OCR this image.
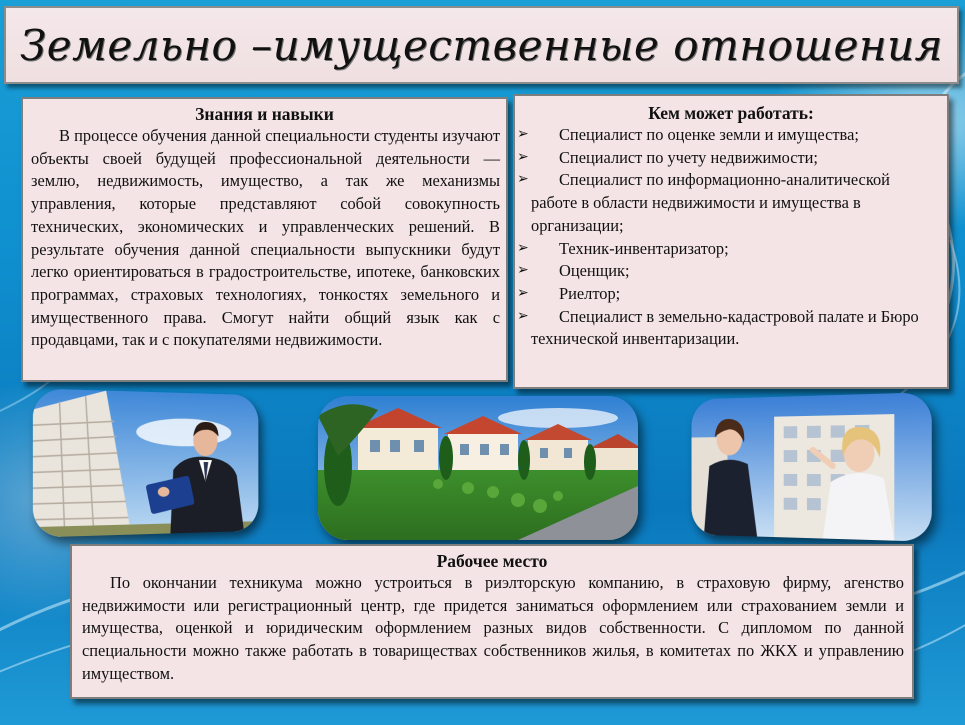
Земельно –имущественные отношения
Знания и навыки
В процессе обучения данной специальности студенты изучают объекты своей будущей профессиональной деятельности — землю, недвижимость, имущество, а так же механизмы управления, которые представляют собой совокупность технических, экономических и управленческих решений. В результате обучения данной специальности выпускники будут легко ориентироваться в градостроительстве, ипотеке, банковских программах, страховых технологиях, тонкостях земельного и имущественного права. Смогут найти общий язык как с продавцами, так и с покупателями недвижимости.
Кем может работать:
➢ Специалист по оценке земли и имущества;
➢ Специалист по учету недвижимости;
➢ Специалист по информационно-аналитической работе в области недвижимости и имущества в организации;
➢ Техник-инвентаризатор;
➢ Оценщик;
➢ Риелтор;
➢ Специалист в земельно-кадастровой палате и Бюро технической инвентаризации.
Рабочее место
По окончании техникума можно устроиться в риэлторскую компанию, в страховую фирму, агенство недвижимости или регистрационный центр, где придется заниматься оформлением или страхованием земли и имущества, оценкой и юридическим оформлением разных видов собственности. С дипломом по данной специальности можно также работать в товариществах собственников жилья, в комитетах по ЖКХ и управлению имуществом.
